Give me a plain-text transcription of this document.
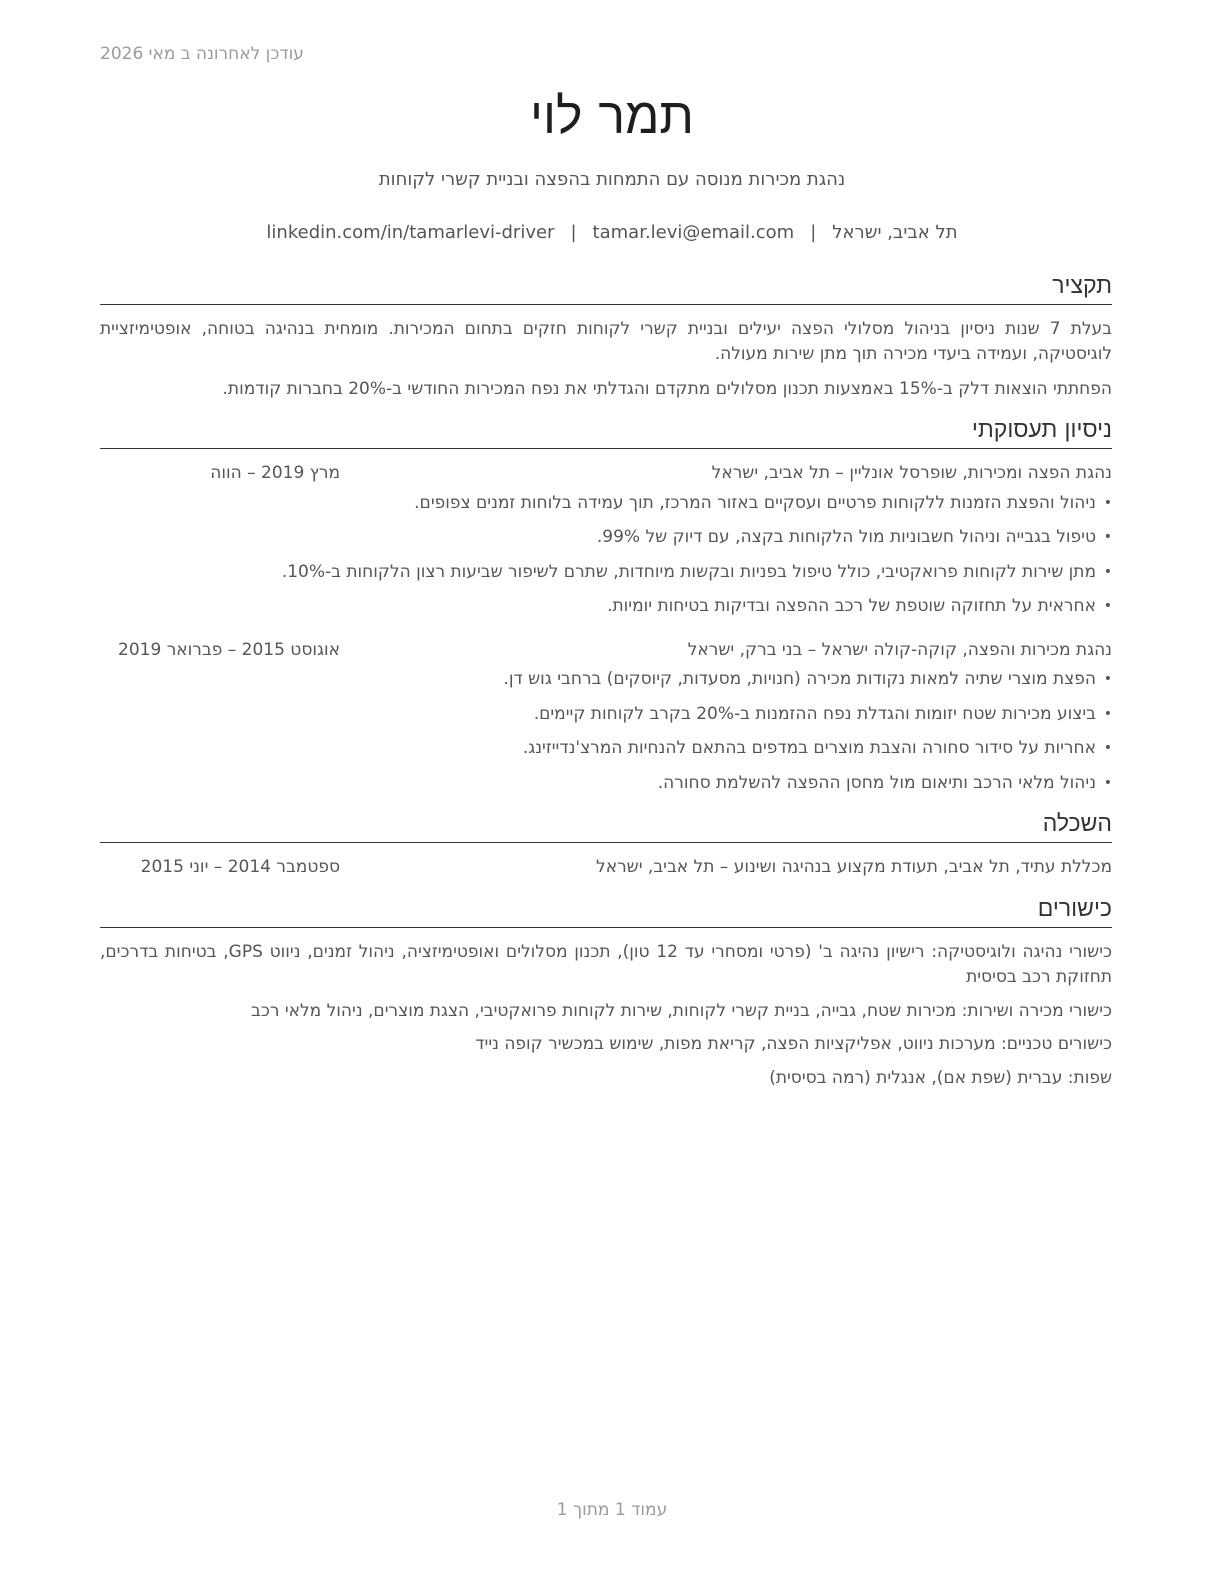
עודכן לאחרונה ב מאי 2026
תמר לוי
נהגת מכירות מנוסה עם התמחות בהפצה ובניית קשרי לקוחות
תל אביב, ישראל|tamar.levi@email.com|linkedin.com/in/tamarlevi-driver
תקציר

בעלת 7 שנות ניסיון בניהול מסלולי הפצה יעילים ובניית קשרי לקוחות חזקים בתחום המכירות. מומחית בנהיגה בטוחה, אופטימיזציית לוגיסטיקה, ועמידה ביעדי מכירה תוך מתן שירות מעולה.

הפחתתי הוצאות דלק ב-15% באמצעות תכנון מסלולים מתקדם והגדלתי את נפח המכירות החודשי ב-20% בחברות קודמות.

ניסיון תעסוקתי
נהגת הפצה ומכירות, שופרסל אונליין – תל אביב, ישראל
מרץ 2019 – הווה
• ניהול והפצת הזמנות ללקוחות פרטיים ועסקיים באזור המרכז, תוך עמידה בלוחות זמנים צפופים.
• טיפול בגבייה וניהול חשבוניות מול הלקוחות בקצה, עם דיוק של 99%.
• מתן שירות לקוחות פרואקטיבי, כולל טיפול בפניות ובקשות מיוחדות, שתרם לשיפור שביעות רצון הלקוחות ב-10%.
• אחראית על תחזוקה שוטפת של רכב ההפצה ובדיקות בטיחות יומיות.
נהגת מכירות והפצה, קוקה-קולה ישראל – בני ברק, ישראל
אוגוסט 2015 – פברואר 2019
• הפצת מוצרי שתיה למאות נקודות מכירה (חנויות, מסעדות, קיוסקים) ברחבי גוש דן.
• ביצוע מכירות שטח יזומות והגדלת נפח ההזמנות ב-20% בקרב לקוחות קיימים.
• אחריות על סידור סחורה והצבת מוצרים במדפים בהתאם להנחיות המרצ'נדייזינג.
• ניהול מלאי הרכב ותיאום מול מחסן ההפצה להשלמת סחורה.
השכלה
מכללת עתיד, תל אביב, תעודת מקצוע בנהיגה ושינוע – תל אביב, ישראל
ספטמבר 2014 – יוני 2015
כישורים

כישורי נהיגה ולוגיסטיקה: רישיון נהיגה ב' (פרטי ומסחרי עד 12 טון), תכנון מסלולים ואופטימיזציה, ניהול זמנים, ניווט GPS, בטיחות בדרכים, תחזוקת רכב בסיסית

כישורי מכירה ושירות: מכירות שטח, גבייה, בניית קשרי לקוחות, שירות לקוחות פרואקטיבי, הצגת מוצרים, ניהול מלאי רכב

כישורים טכניים: מערכות ניווט, אפליקציות הפצה, קריאת מפות, שימוש במכשיר קופה נייד

שפות: עברית (שפת אם), אנגלית (רמה בסיסית)

עמוד 1 מתוך 1
